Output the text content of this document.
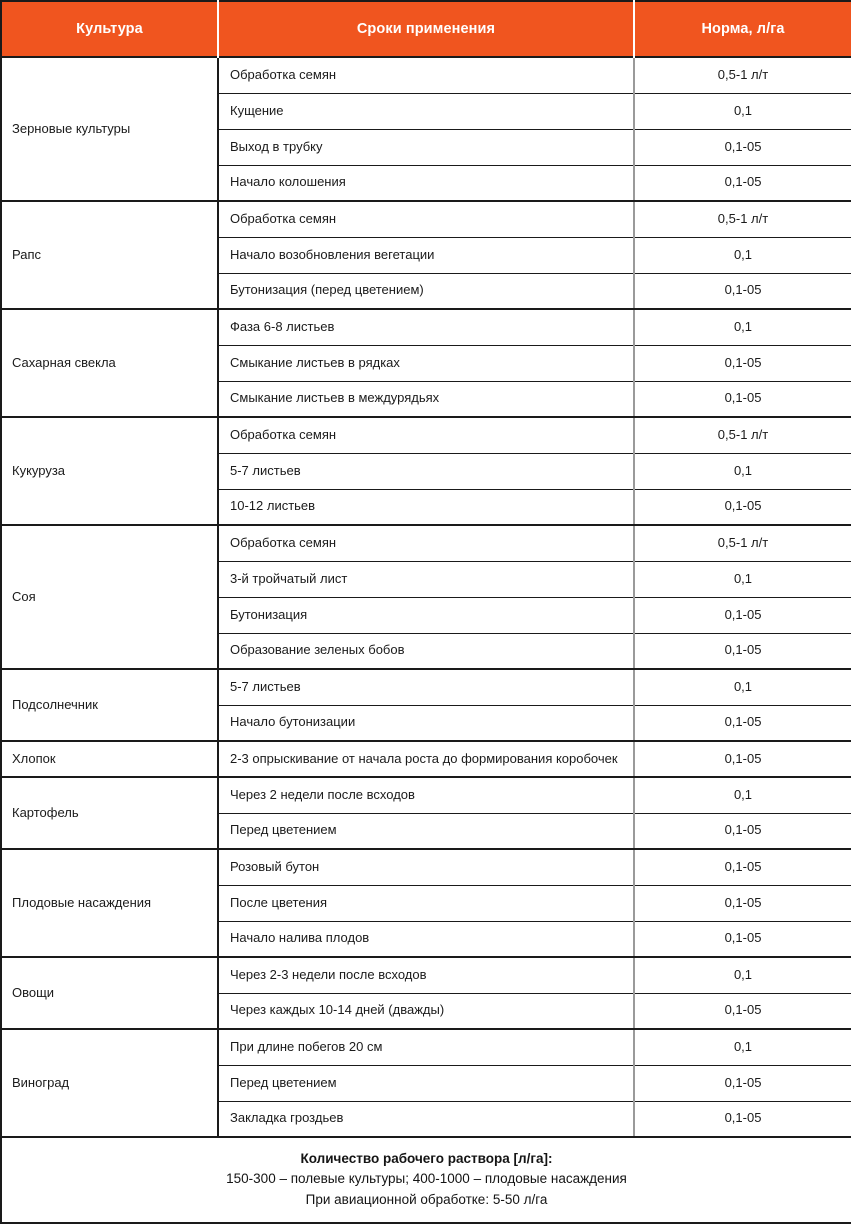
Культура	Сроки применения	Норма, л/га
Зерновые культуры	Обработка семян	0,5-1 л/т
	Кущение	0,1
	Выход в трубку	0,1-05
	Начало колошения	0,1-05
Рапс	Обработка семян	0,5-1 л/т
	Начало возобновления вегетации	0,1
	Бутонизация (перед цветением)	0,1-05
Сахарная свекла	Фаза 6-8 листьев	0,1
	Смыкание листьев в рядках	0,1-05
	Смыкание листьев в междурядьях	0,1-05
Кукуруза	Обработка семян	0,5-1 л/т
	5-7 листьев	0,1
	10-12 листьев	0,1-05
Соя	Обработка семян	0,5-1 л/т
	3-й тройчатый лист	0,1
	Бутонизация	0,1-05
	Образование зеленых бобов	0,1-05
Подсолнечник	5-7 листьев	0,1
	Начало бутонизации	0,1-05
Хлопок	2-3 опрыскивание от начала роста до формирования коробочек	0,1-05
Картофель	Через 2 недели после всходов	0,1
	Перед цветением	0,1-05
Плодовые насаждения	Розовый бутон	0,1-05
	После цветения	0,1-05
	Начало налива плодов	0,1-05
Овощи	Через 2-3 недели после всходов	0,1
	Через каждых 10-14 дней (дважды)	0,1-05
Виноград	При длине побегов 20 см	0,1
	Перед цветением	0,1-05
	Закладка гроздьев	0,1-05

Количество рабочего раствора [л/га]:
150-300 – полевые культуры; 400-1000 – плодовые насаждения
При авиационной обработке: 5-50 л/га		
